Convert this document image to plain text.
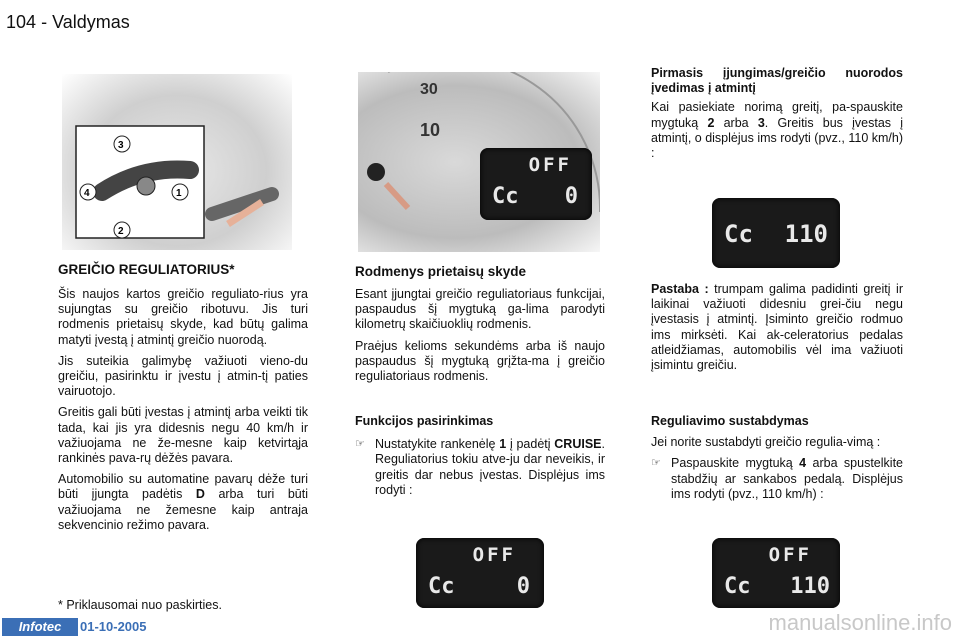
104 - Valdymas
3
4	1
2
30
10
OFF
Cc 0
GREIČIO REGULIATORIUS*

Šis naujos kartos greičio reguliato-rius yra sujungtas su greičio ribotuvu. Jis turi rodmenis prietaisų skyde, kad būtų galima matyti įvestą į atmintį greičio nuorodą.

Jis suteikia galimybę važiuoti vieno-du greičiu, pasirinktu ir įvestu į atmin-tį paties vairuotojo.

Greitis gali būti įvestas į atmintį arba veikti tik tada, kai jis yra didesnis negu 40 km/h ir važiuojama ne že-mesne kaip ketvirtąja rankinės pava-rų dėžės pavara.

Automobilio su automatine pavarų dėže turi būti įjungta padėtis D arba turi būti važiuojama ne žemesne kaip antraja sekvencinio režimo pavara.

* Priklausomai nuo paskirties.
Rodmenys prietaisų skyde

Esant įjungtai greičio reguliatoriaus funkcijai, paspaudus šį mygtuką ga-lima parodyti kilometrų skaičiuoklių rodmenis.

Praėjus kelioms sekundėms arba iš naujo paspaudus šį mygtuką grįžta-ma į greičio reguliatoriaus rodmenis.

Funkcijos pasirinkimas
☞ Nustatykite rankenėlę 1 į padėtį CRUISE. Reguliatorius tokiu atve-ju dar neveikis, ir greitis dar nebus įvestas. Displėjus ims rodyti :
OFF
Cc	0
Pirmasis įjungimas/greičio nuorodos įvedimas į atmintį

Kai pasiekiate norimą greitį, pa-spauskite mygtuką 2 arba 3. Greitis bus įvestas į atmintį, o displėjus ims rodyti (pvz., 110 km/h) :

Cc 110

Pastaba : trumpam galima padidinti greitį ir laikinai važiuoti didesniu grei-čiu negu įvestasis į atmintį. Įsiminto greičio rodmuo ims mirksėti. Kai ak-celeratorius pedalas atleidžiamas, automobilis vėl ima važiuoti įsimintu greičiu.

Reguliavimo sustabdymas

Jei norite sustabdyti greičio regulia-vimą :

☞ Paspauskite mygtuką 4 arba spustelkite stabdžių ar sankabos pedalą. Displėjus ims rodyti (pvz., 110 km/h) :
OFF
Cc 110
Infotec	01-10-2005	manualsonline.info
